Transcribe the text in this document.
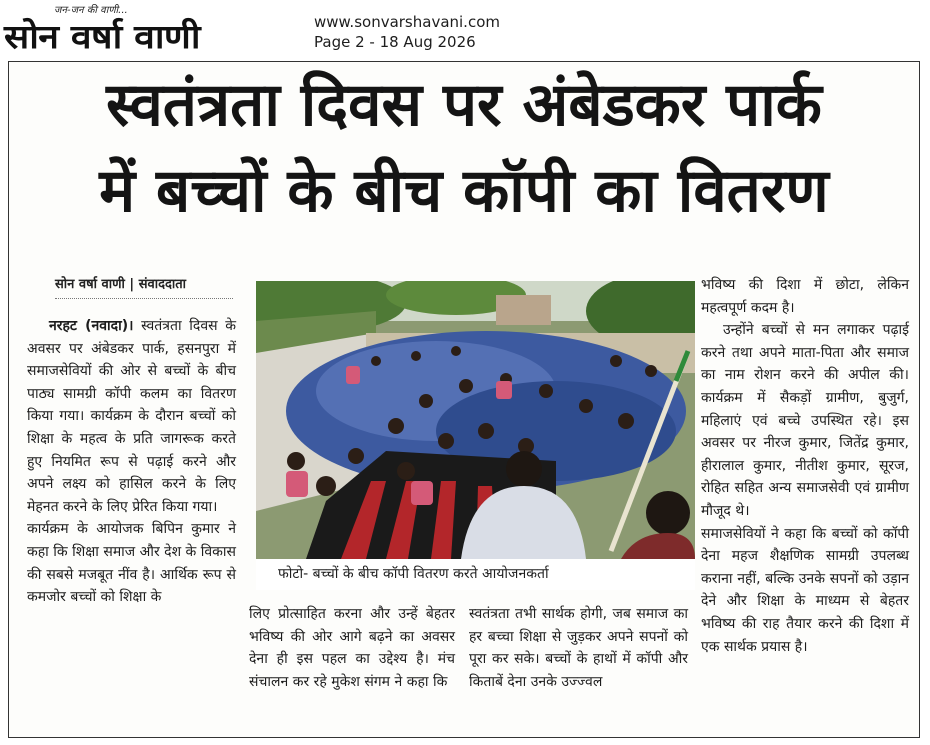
जन-जन की वाणी...
सोन वर्षा वाणी	www.sonvarshavani.com
Page 2 - 18 Aug 2026
स्वतंत्रता दिवस पर अंबेडकर पार्क
में बच्चों के बीच कॉपी का वितरण
सोन वर्षा वाणी | संवाददाता

नरहट (नवादा)। स्वतंत्रता दिवस के अवसर पर अंबेडकर पार्क, हसनपुरा में समाजसेवियों की ओर से बच्चों के बीच पाठ्य सामग्री कॉपी कलम का वितरण किया गया। कार्यक्रम के दौरान बच्चों को शिक्षा के महत्व के प्रति जागरूक करते हुए नियमित रूप से पढ़ाई करने और अपने लक्ष्य को हासिल करने के लिए मेहनत करने के लिए प्रेरित किया गया।

कार्यक्रम के आयोजक बिपिन कुमार ने कहा कि शिक्षा समाज और देश के विकास की सबसे मजबूत नींव है। आर्थिक रूप से कमजोर बच्चों को शिक्षा के

फोटो- बच्चों के बीच कॉपी वितरण करते आयोजनकर्ता

लिए प्रोत्साहित करना और उन्हें बेहतर भविष्य की ओर आगे बढ़ने का अवसर देना ही इस पहल का उद्देश्य है। मंच संचालन कर रहे मुकेश संगम ने कहा कि

स्वतंत्रता तभी सार्थक होगी, जब समाज का हर बच्चा शिक्षा से जुड़कर अपने सपनों को पूरा कर सके। बच्चों के हाथों में कॉपी और किताबें देना उनके उज्ज्वल

भविष्य की दिशा में छोटा, लेकिन महत्वपूर्ण कदम है।

उन्होंने बच्चों से मन लगाकर पढ़ाई करने तथा अपने माता-पिता और समाज का नाम रोशन करने की अपील की। कार्यक्रम में सैकड़ों ग्रामीण, बुजुर्ग, महिलाएं एवं बच्चे उपस्थित रहे। इस अवसर पर नीरज कुमार, जितेंद्र कुमार, हीरालाल कुमार, नीतीश कुमार, सूरज, रोहित सहित अन्य समाजसेवी एवं ग्रामीण मौजूद थे।

समाजसेवियों ने कहा कि बच्चों को कॉपी देना महज शैक्षणिक सामग्री उपलब्ध कराना नहीं, बल्कि उनके सपनों को उड़ान देने और शिक्षा के माध्यम से बेहतर भविष्य की राह तैयार करने की दिशा में एक सार्थक प्रयास है।
